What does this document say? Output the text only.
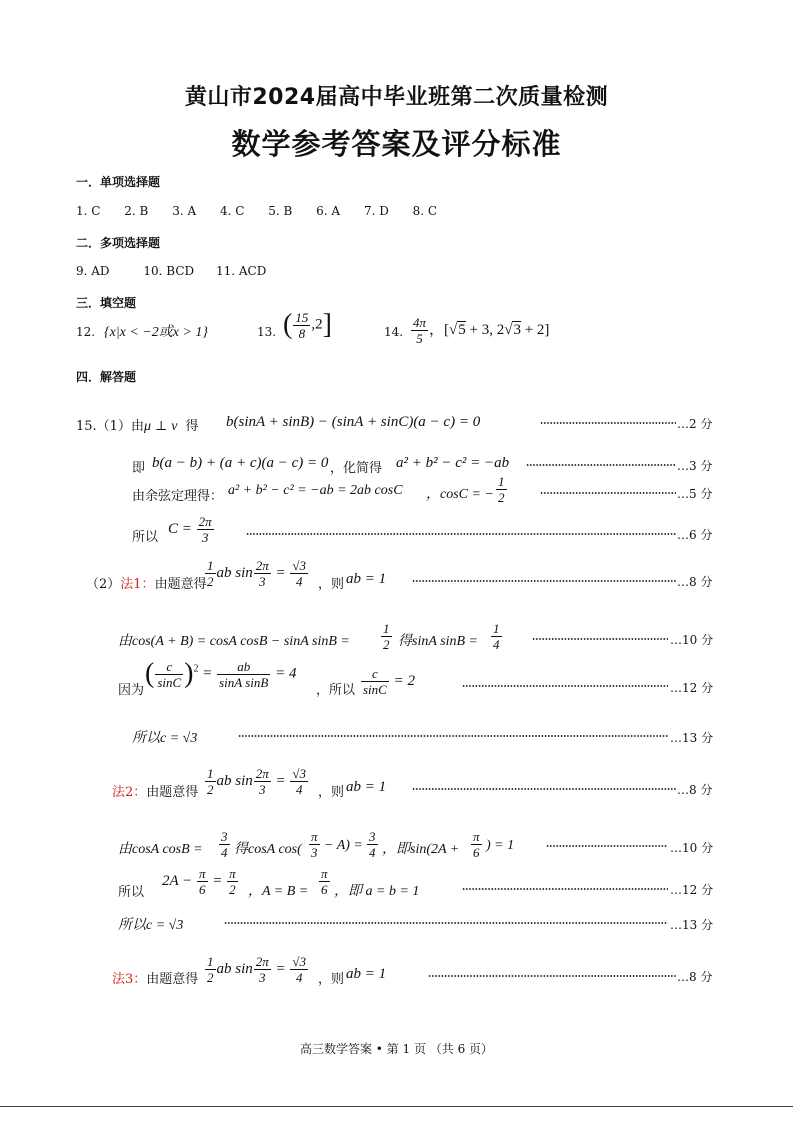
黄山市2024届高中毕业班第二次质量检测
数学参考答案及评分标准
一．单项选择题
1. C 2. B 3. A 4. C 5. B 6. A 7. D 8. C
二．多项选择题
9. AD	10. BCD 11. ACD
三．填空题
12. {x|x < −2或x > 1}	13. ( $\frac{15}{8} ,2$]	14. $\frac{4\pi}{5}$ ，[√5 + 3, 2√3 + 2]
四．解答题
15.（1）由μ ⊥ ν 得 b(sinA + sinB) − (sinA + sinC)(a − c) = 0	…2 分
即 b(a − b) + (a + c)(a − c) = 0 ，化简得 a² + b² − c² = −ab	…3 分
由余弦定理得： a² + b² − c² = −ab = 2ab cosC ，cosC = − $\frac{1}{2}$	…5 分
所以
$C = \frac{2\pi}{3}$	…6 分
（2）法1：由题意得
$\frac{1}{2}$ ab $\sin \frac{2\pi}{3} = \frac{√3}{4}$ ，则 ab = 1	…8 分
由cos(A + B) = cosA cosB − sinA $\sin B = \frac{1}{2}$ 得sinA $\sin B = \frac{1}{4}$	…10 分
因为
( $\frac{c}{\sin C} )^2 = \frac{ab}{\text{sinA sinB}} = 4$
，所以 $\frac{c}{\sin C} = 2$	…12 分
所以c = √3	…13 分
法2：由题意得 $\frac{1}{2}$ ab $\sin \frac{2\pi}{3} = \frac{√3}{4}$ ，则 ab = 1	…8 分
由cosA $\cos B = \frac{3}{4}$ 得cosA $\cos( \frac{\pi}{3} - A) = \frac{3}{4}$ ，即$\sin(2A + \frac{\pi}{6}$ ) = 1	…10 分
所以
$2A - \frac{\pi}{6} = \frac{\pi}{2}$ ，$A = B = \frac{\pi}{6}$ ，即 a = b = 1	…12 分
所以c = √3	…13 分
法3：由题意得 $\frac{1}{2}$ ab $\sin \frac{2\pi}{3} = \frac{√3}{4}$ ，则 ab = 1	…8 分
高三数学答案 • 第 1 页 （共 6 页）
